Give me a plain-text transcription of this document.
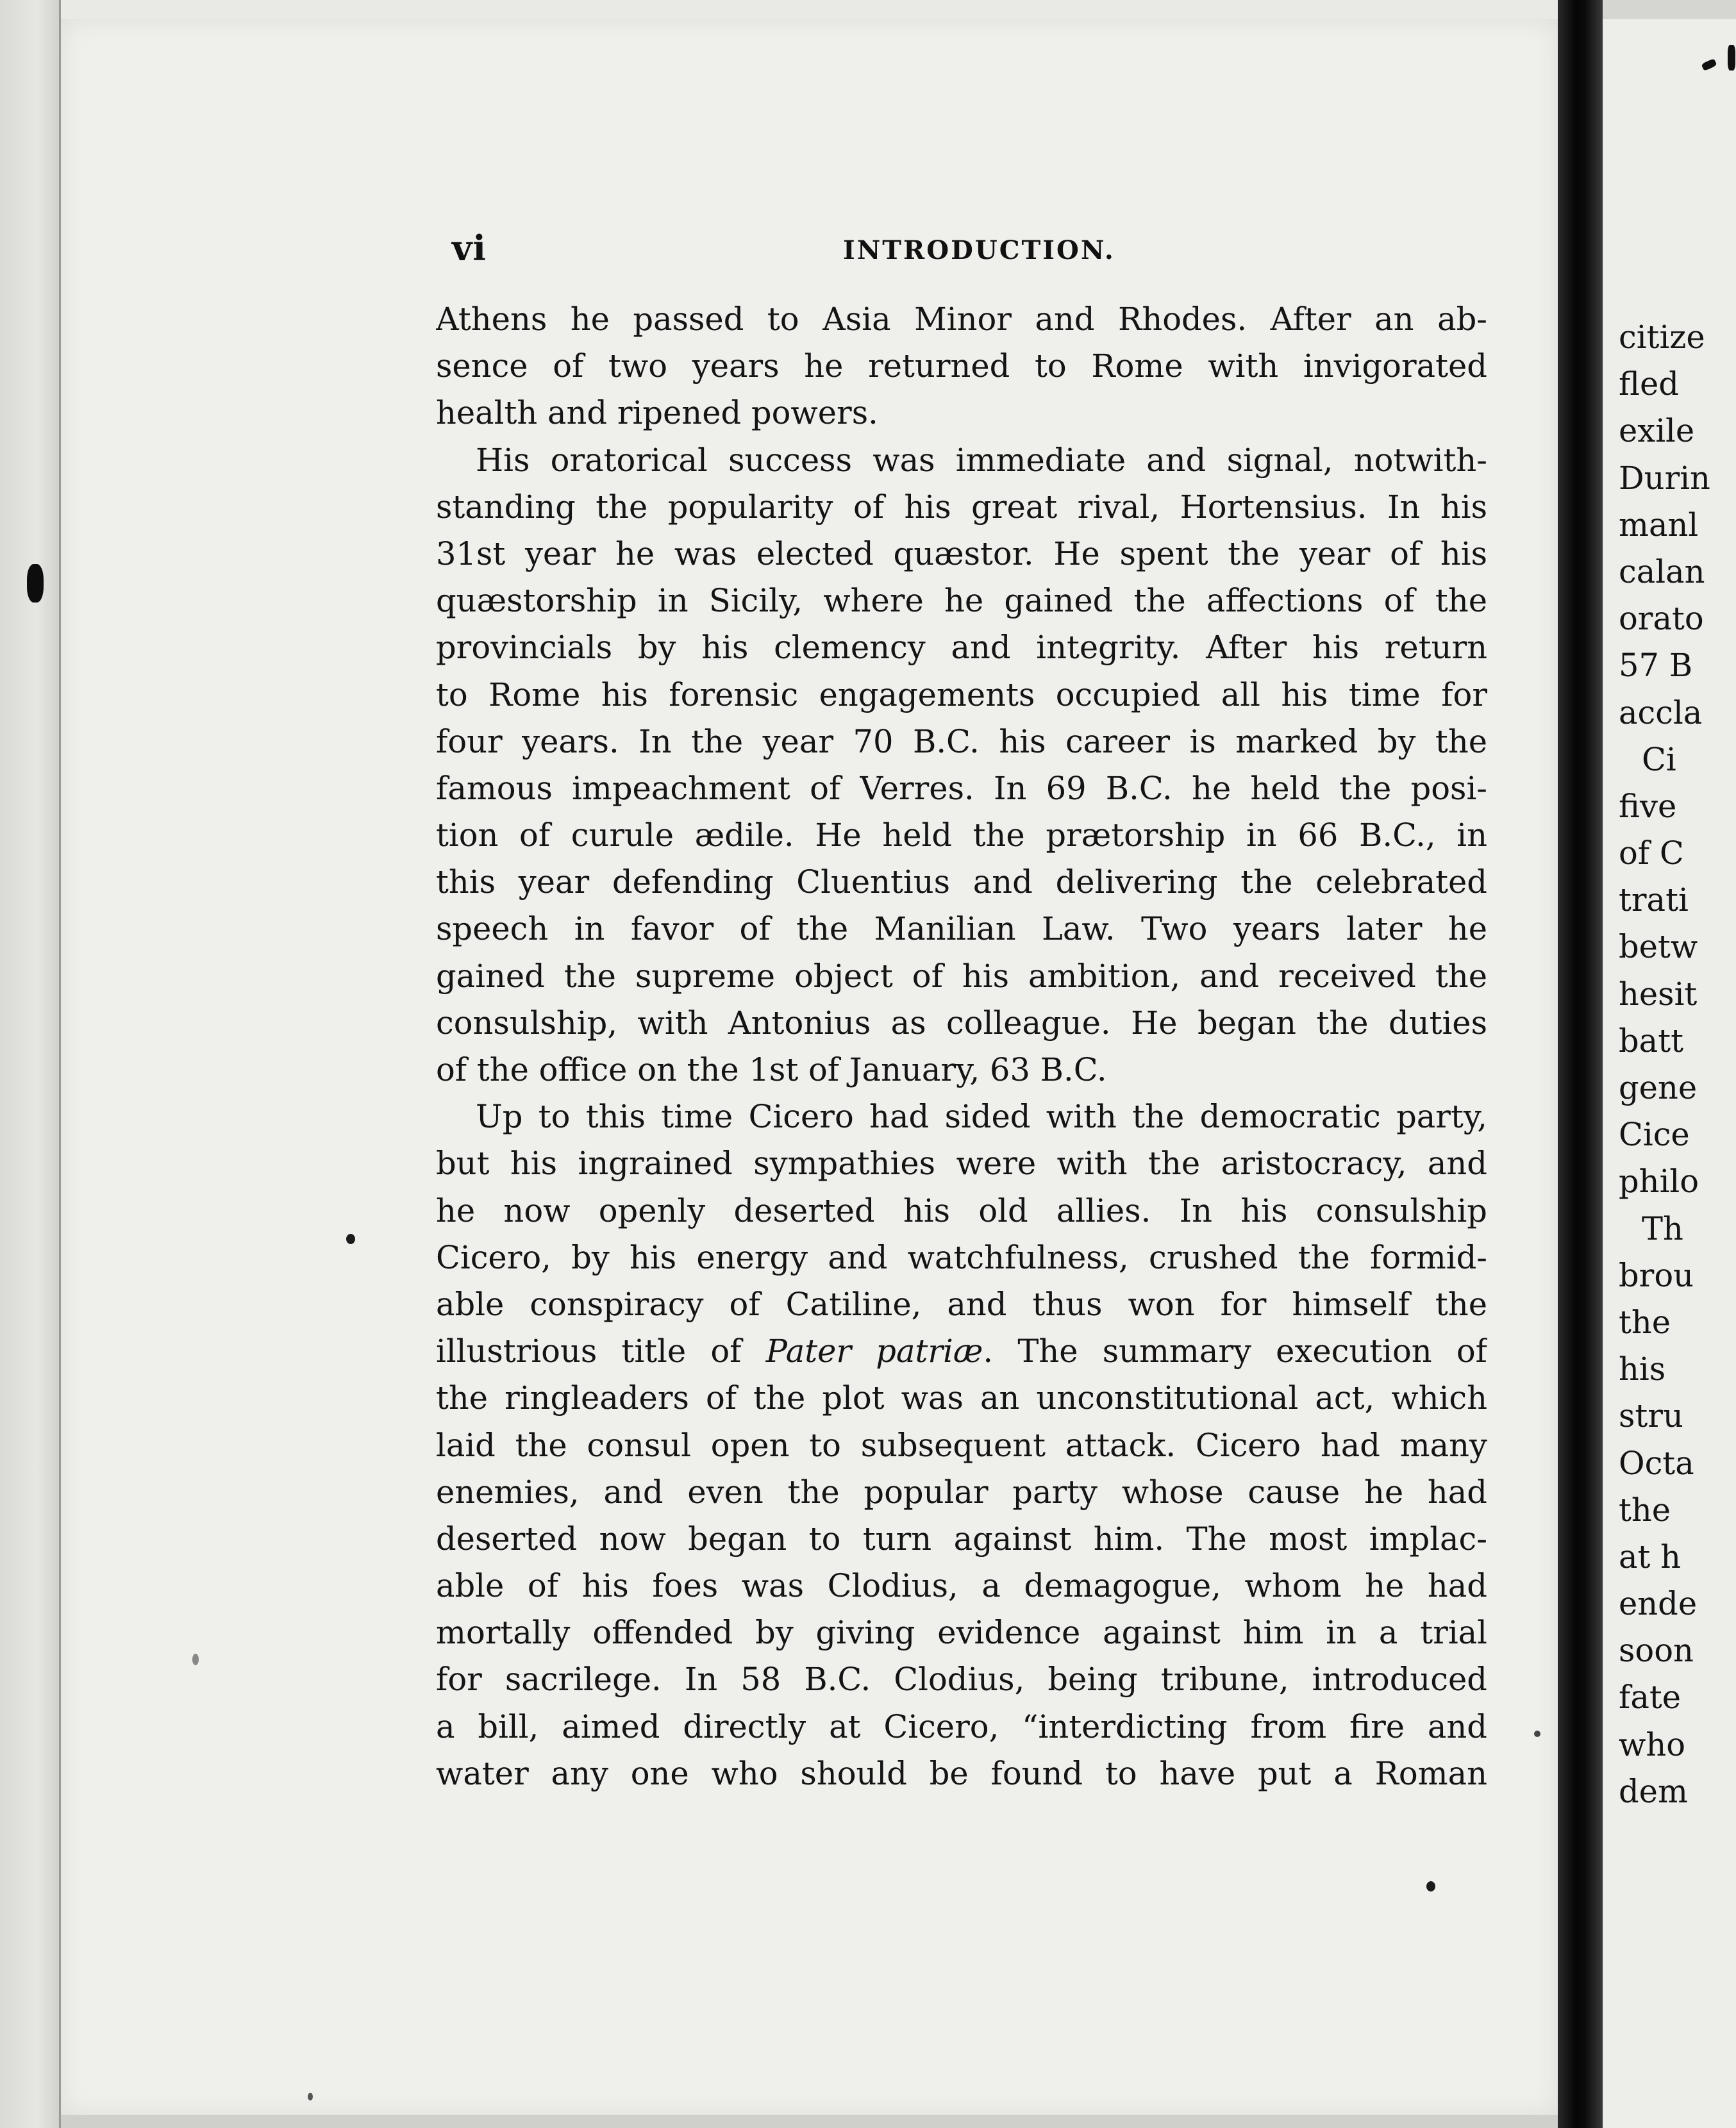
vi	INTRODUCTION.
Athens he passed to Asia Minor and Rhodes. After an ab-
sence of two years he returned to Rome with invigorated
health and ripened powers.
His oratorical success was immediate and signal, notwith-
standing the popularity of his great rival, Hortensius. In his
31st year he was elected quæstor. He spent the year of his
quæstorship in Sicily, where he gained the affections of the
provincials by his clemency and integrity. After his return
to Rome his forensic engagements occupied all his time for
four years. In the year 70 B.C. his career is marked by the
famous impeachment of Verres. In 69 B.C. he held the posi-
tion of curule ædile. He held the prætorship in 66 B.C., in
this year defending Cluentius and delivering the celebrated
speech in favor of the Manilian Law. Two years later he
gained the supreme object of his ambition, and received the
consulship, with Antonius as colleague. He began the duties
of the office on the 1st of January, 63 B.C.
Up to this time Cicero had sided with the democratic party,
but his ingrained sympathies were with the aristocracy, and
he now openly deserted his old allies. In his consulship
Cicero, by his energy and watchfulness, crushed the formid-
able conspiracy of Catiline, and thus won for himself the
illustrious title of Pater patriæ. The summary execution of
the ringleaders of the plot was an unconstitutional act, which
laid the consul open to subsequent attack. Cicero had many
enemies, and even the popular party whose cause he had
deserted now began to turn against him. The most implac-
able of his foes was Clodius, a demagogue, whom he had
mortally offended by giving evidence against him in a trial
for sacrilege. In 58 B.C. Clodius, being tribune, introduced
a bill, aimed directly at Cicero, “interdicting from fire and
water any one who should be found to have put a Roman
citize
fled
exile
Durin
manl
calan
orato
57 B
accla
Ci
five
of C
trati
betw
hesit
batt
gene
Cice
philo
Th
brou
the
his
stru
Octa
the
at h
ende
soon
fate
who
dem
